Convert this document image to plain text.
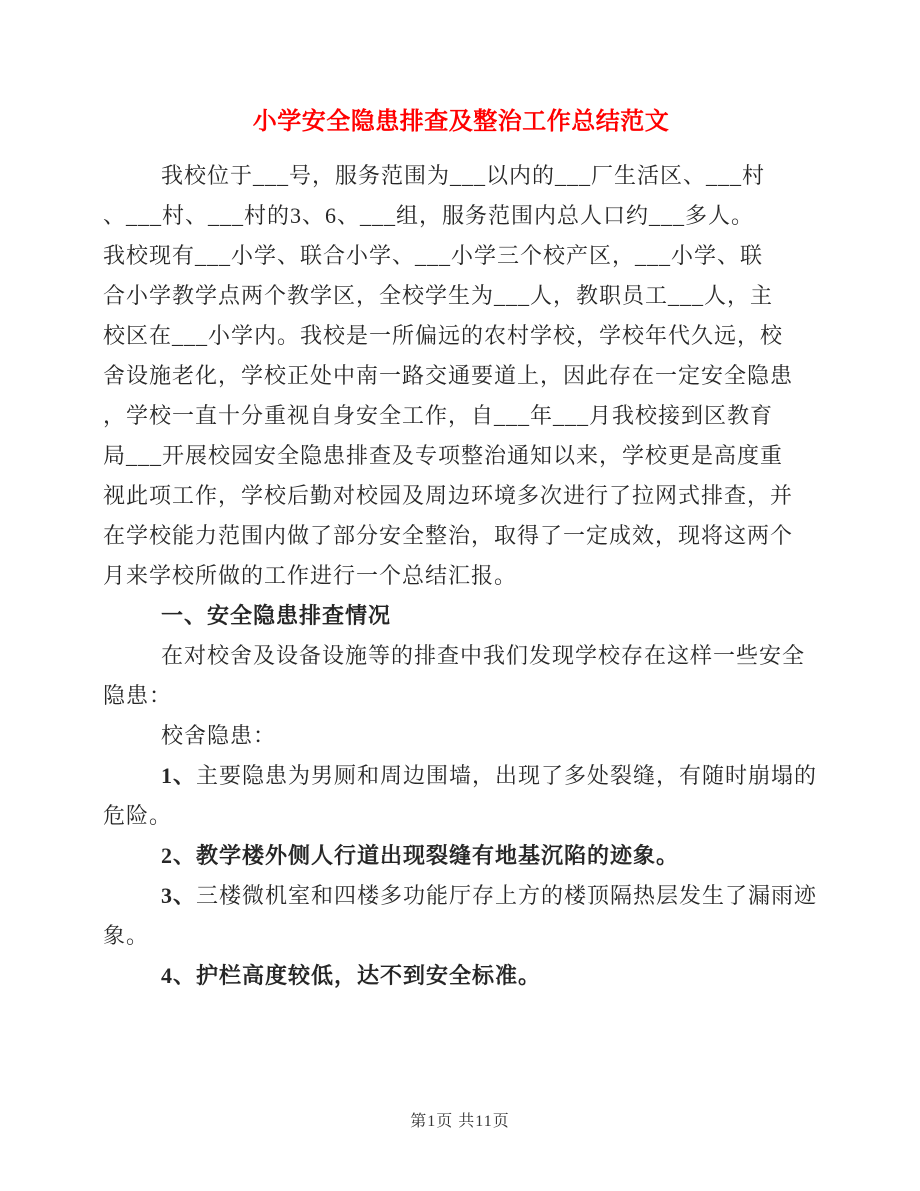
小学安全隐患排查及整治工作总结范文
我校位于___号，服务范围为___以内的___厂生活区、___村
、___村、___村的3、6、___组，服务范围内总人口约___多人。
我校现有___小学、联合小学、___小学三个校产区，___小学、联
合小学教学点两个教学区，全校学生为___人，教职员工___人，主
校区在___小学内。我校是一所偏远的农村学校，学校年代久远，校
舍设施老化，学校正处中南一路交通要道上，因此存在一定安全隐患
，学校一直十分重视自身安全工作，自___年___月我校接到区教育
局___开展校园安全隐患排查及专项整治通知以来，学校更是高度重
视此项工作，学校后勤对校园及周边环境多次进行了拉网式排查，并
在学校能力范围内做了部分安全整治，取得了一定成效，现将这两个
月来学校所做的工作进行一个总结汇报。
一、安全隐患排查情况
在对校舍及设备设施等的排查中我们发现学校存在这样一些安全
隐患：
校舍隐患：
1、主要隐患为男厕和周边围墙，出现了多处裂缝，有随时崩塌的
危险。
2、教学楼外侧人行道出现裂缝有地基沉陷的迹象。
3、三楼微机室和四楼多功能厅存上方的楼顶隔热层发生了漏雨迹
象。
4、护栏高度较低，达不到安全标准。
第1页 共11页
